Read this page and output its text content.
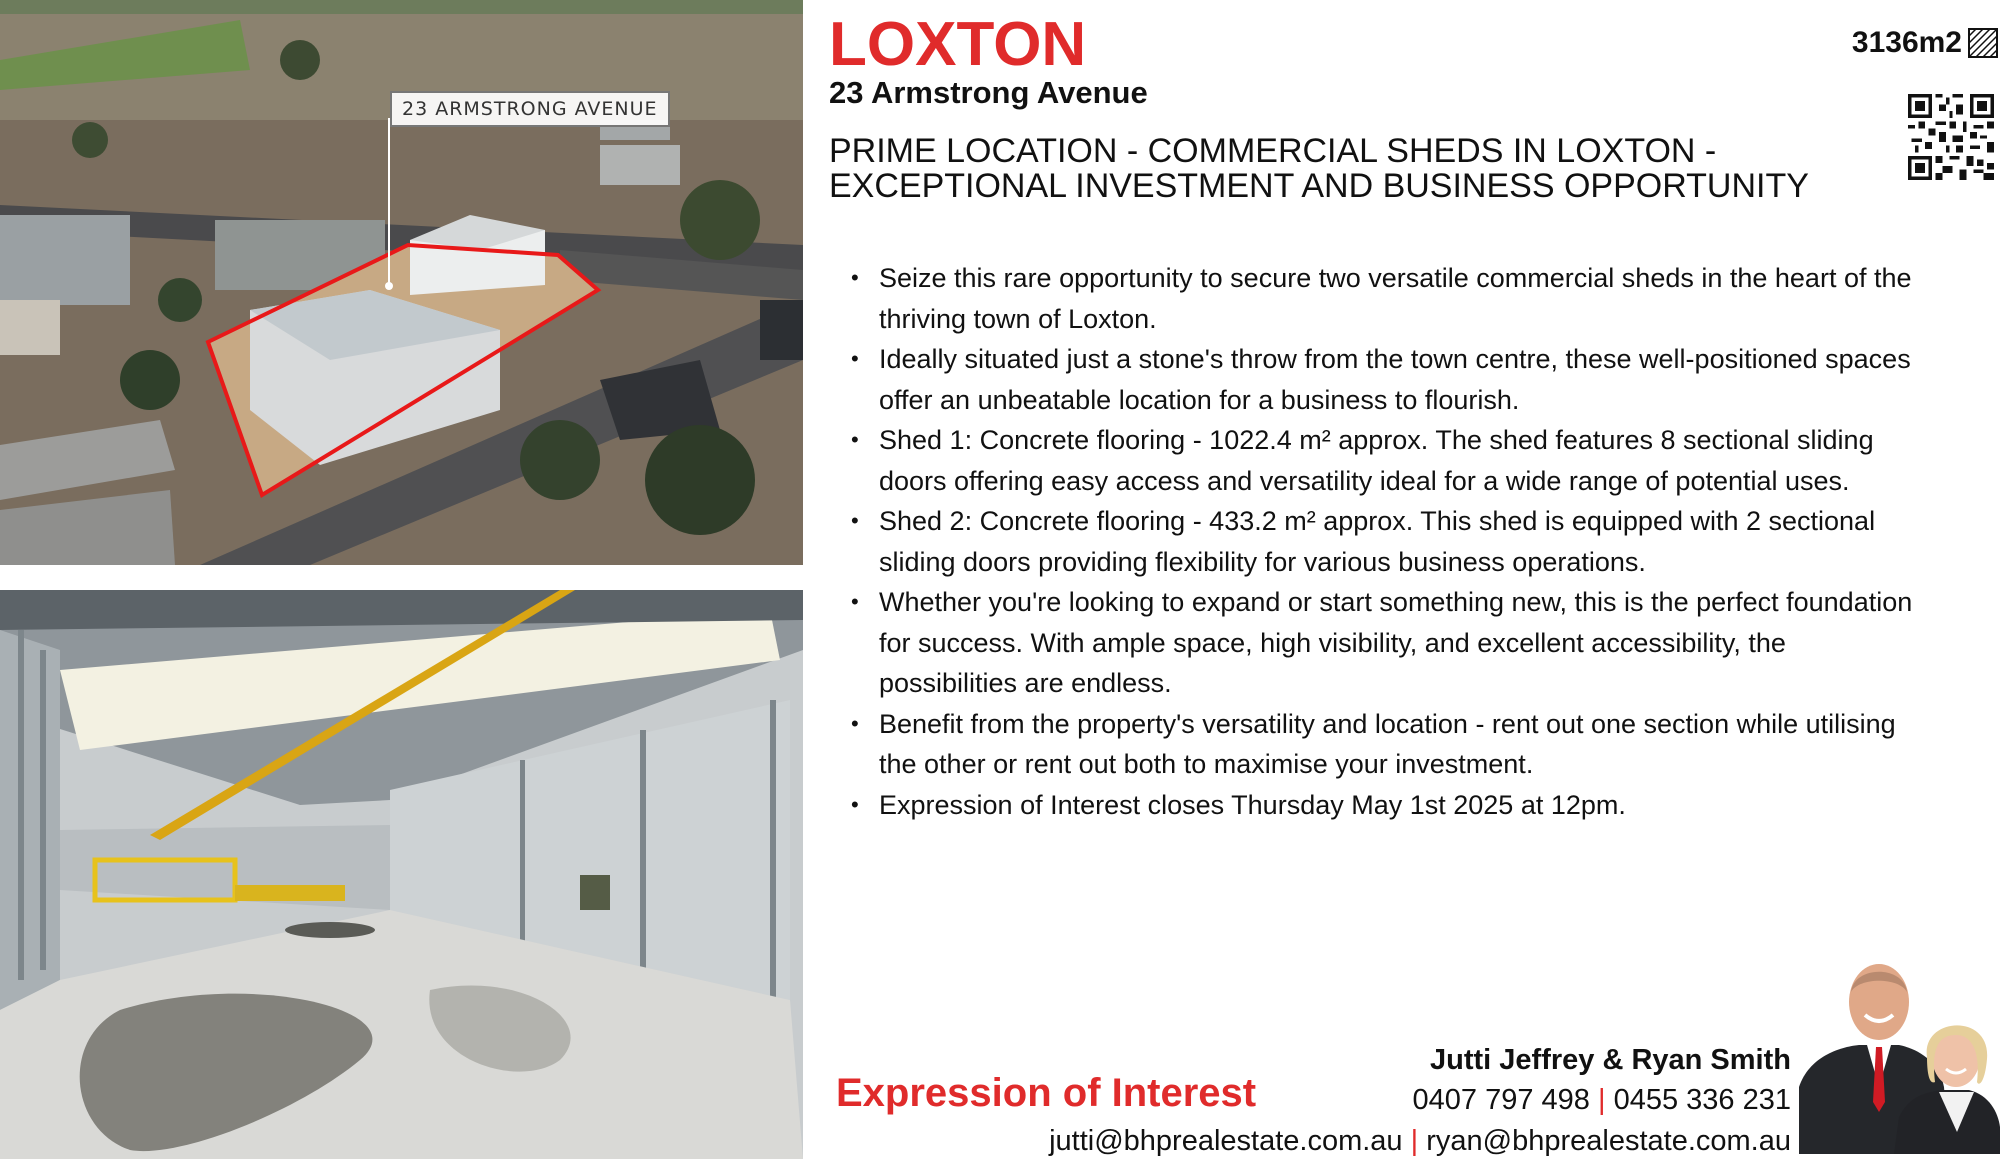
23 ARMSTRONG AVENUE
LOXTON
23 Armstrong Avenue
3136m2
PRIME LOCATION - COMMERCIAL SHEDS IN LOXTON - EXCEPTIONAL INVESTMENT AND BUSINESS OPPORTUNITY
• Seize this rare opportunity to secure two versatile commercial sheds in the heart of the thriving town of Loxton.
• Ideally situated just a stone's throw from the town centre, these well-positioned spaces offer an unbeatable location for a business to flourish.
• Shed 1: Concrete flooring - 1022.4 m² approx. The shed features 8 sectional sliding doors offering easy access and versatility ideal for a wide range of potential uses.
• Shed 2: Concrete flooring - 433.2 m² approx. This shed is equipped with 2 sectional sliding doors providing flexibility for various business operations.
• Whether you're looking to expand or start something new, this is the perfect foundation for success. With ample space, high visibility, and excellent accessibility, the possibilities are endless.
• Benefit from the property's versatility and location - rent out one section while utilising the other or rent out both to maximise your investment.
• Expression of Interest closes Thursday May 1st 2025 at 12pm.
Expression of Interest
Jutti Jeffrey & Ryan Smith
0407 797 498 | 0455 336 231
jutti@bhprealestate.com.au | ryan@bhprealestate.com.au
